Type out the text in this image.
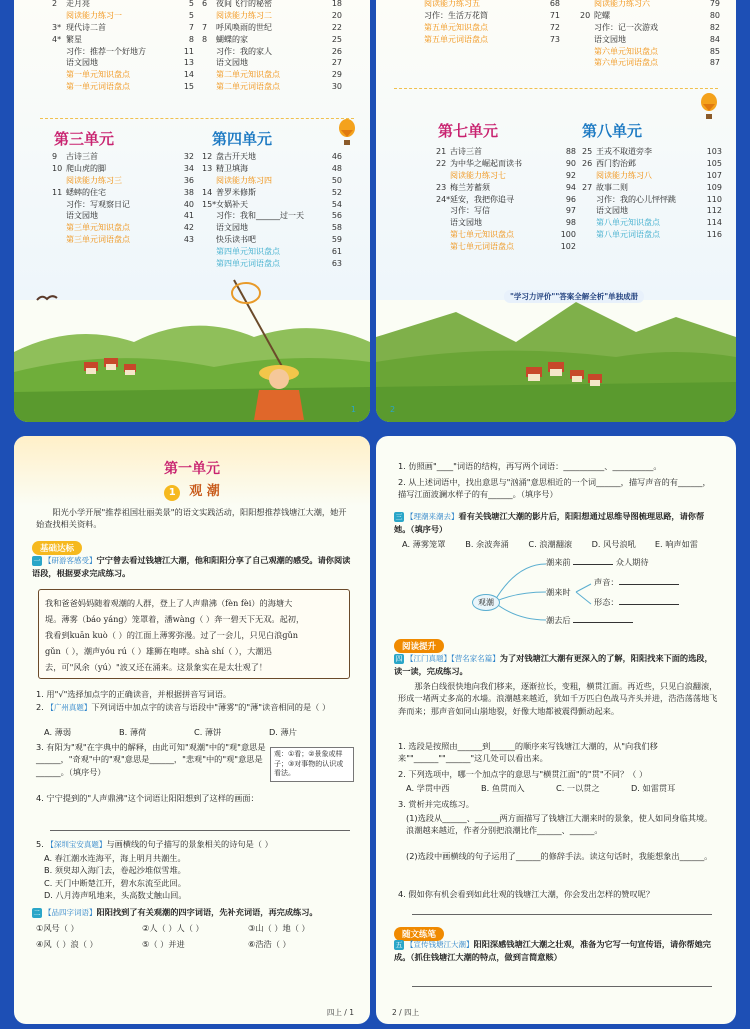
2	走月亮	5
阅读能力练习一	5
3* 现代诗二首	7
4* 繁星	8
习作：推荐一个好地方	11
语文园地	13
第一单元知识盘点	14
第一单元词语盘点	15
6	夜间飞行的秘密	18
阅读能力练习二	20
7	呼风唤雨的世纪	22
8	蝴蝶的家	25
习作：我的家人	26
语文园地	27
第二单元知识盘点	29
第二单元词语盘点	30
第三单元	第四单元
9	古诗三首	32
10 爬山虎的脚	34
阅读能力练习三	36
11 蟋蟀的住宅	38
习作：写观察日记	40
语文园地	41
第三单元知识盘点	42
第三单元词语盘点	43
12 盘古开天地	46
13 精卫填海	48
阅读能力练习四	50
14 普罗米修斯	52
15* 女娲补天	54
习作：我和______过一天	56
语文园地	58
快乐读书吧	59
第四单元知识盘点	61
第四单元词语盘点	63
1
阅读能力练习五	68
习作：生活万花筒	71
第五单元知识盘点	72
第五单元词语盘点	73
阅读能力练习六	79
20 陀螺	80
习作：记一次游戏	82
语文园地	84
第六单元知识盘点	85
第六单元词语盘点	87
第七单元	第八单元
21 古诗三首	88
22 为中华之崛起而读书	90
阅读能力练习七	92
23 梅兰芳蓄须	94
24* 延安，我把你追寻	96
习作：写信	97
语文园地	98
第七单元知识盘点	100
第七单元词语盘点	102
25 王戎不取道旁李	103
26 西门豹治邺	105
阅读能力练习八	107
27 故事二则	109
习作：我的心儿怦怦跳	110
语文园地	112
第八单元知识盘点	114
第八单元词语盘点	116
"学习力评价""答案全解全析"单独成册
2
第一单元
1 观 潮
阳光小学开展"推荐祖国壮丽美景"的语文实践活动，阳阳想推荐钱塘江大潮，她开始查找相关资料。
基础达标
一 【研游客感受】宁宁曾去看过钱塘江大潮，他和阳阳分享了自己观潮的感受。请你阅读语段，根据要求完成练习。
我和爸爸妈妈随着观潮的人群，登上了人声鼎沸（fèn fèi）的海塘大
堤。薄雾（báo yáng）笼罩着，潘wàng（ ）奔一碧天下无双。起初，
我看到kuān kuò（ ）的江面上薄雾弥漫。过了一会儿，只见白浪ɡǔn
gǔn（ ），潮声yóu rú（ ）雄狮在咆哮。shà shí（ ），大潮迅
去，可"风余（yú）"波又还在涌来。这景象实在是太壮观了！
1. 用"√"选择加点字的正确读音，并根据拼音写词语。
2. 【广州真题】下列词语中加点字的读音与语段中"薄雾"的"薄"读音相同的是（ ）
A. 薄弱	B. 薄荷	C. 薄饼	D. 薄片
3. 有阳为"观"在字典中的解释，由此可知"观潮"中的"观"意思是______，"奇观"中的"观"意思是______，"悲观"中的"观"意思是______。（填序号）
观：①看；②景象或样子；③对事物的认识或看法。
4. 宁宁提到的"人声鼎沸"这个词语让阳阳想到了这样的画面：
5. 【深圳宝安真题】与画横线的句子描写的景象相关的诗句是（ ）
A. 春江潮水连海平，海上明月共潮生。
B. 须臾却入海门去，卷起沙堆似雪堆。
C. 天门中断楚江开，碧水东流至此回。
D. 八月涛声吼地来，头高数丈触山回。
二 【品四字词语】阳阳找到了有关观潮的四字词语，先补充词语，再完成练习。
①风号（ ）	②人（ ）人（ ）	③山（ ）地（ ）
④风（ ）浪（ ）	⑤（ ）并进	⑥浩浩（ ）
四上 / 1
1. 仿照画"____"词语的结构，再写两个词语：__________、__________。
2. 从上述词语中，找出意思与"汹涌"意思相近的一个词______，描写声音的有______，描写江面波澜水样子的有______。（填序号）
三 【理潮来潮去】看有关钱塘江大潮的影片后，阳阳想通过思维导图梳理思路，请你帮她。（填序号）
A. 薄雾笼罩	B. 余波奔涌	C. 浪潮翻滚	D. 风号浪吼	E. 响声如雷
观潮
潮来前	众人期待
潮来时
声音：
形态：
潮去后
阅读提升
四 【江门真题】【营名家名篇】为了对钱塘江大潮有更深入的了解，阳阳找来下面的选段，读一读，完成练习。
那条白线很快地向我们移来，逐渐拉长，变粗，横贯江面。再近些，只见白浪翻滚，形成一堵两丈多高的水墙。浪潮越来越近，犹如千万匹白色战马齐头并进，浩浩荡荡地飞奔而来；那声音如同山崩地裂，好像大地都被震得颤动起来。
1. 选段是按照由______到______的顺序来写钱塘江大潮的，从"向我们移来""______""______"这几处可以看出来。
2. 下列选项中，哪一个加点字的意思与"横贯江面"的"贯"不同？（ ）
A. 学贯中西	B. 鱼贯而入	C. 一以贯之	D. 如雷贯耳
3. 赏析并完成练习。
(1)选段从______、______两方面描写了钱塘江大潮来时的景象，使人如同身临其境。浪潮越来越近，作者分别把浪潮比作______、______。
(2)选段中画横线的句子运用了______的修辞手法。读这句话时，我能想象出______。
4. 假如你有机会看到如此壮观的钱塘江大潮，你会发出怎样的赞叹呢？
随文练笔
五 【宣传钱塘江大潮】阳阳深感钱塘江大潮之壮观，准备为它写一句宣传语，请你帮她完成。（抓住钱塘江大潮的特点，做到言简意赅）
2 / 四上
